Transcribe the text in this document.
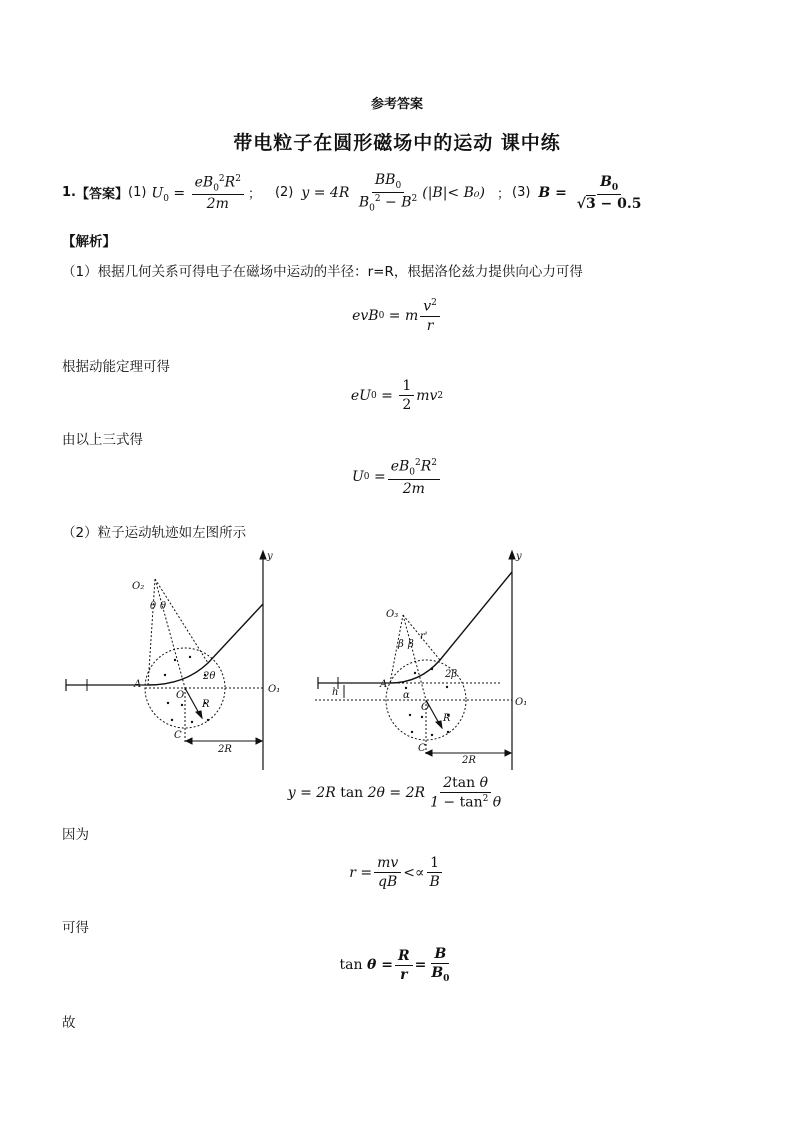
参考答案
带电粒子在圆形磁场中的运动 课中练
1. 【答案】 (1) $U_0 = \frac{eB_0^2R^2}{2m}$ ； (2) $y = 4R \frac{BB_0}{B_0^2 - B^2} (|B|< B_0)$ ； (3) $B = \frac{B_0}{√3 - 0.5}$
【解析】
（1）根据几何关系可得电子在磁场中运动的半径：r=R，根据洛伦兹力提供向心力可得
evB 0 = m $\frac{v^2}{r}$
根据动能定理可得
eU $0 = \frac{1}{2}$ mv 2
由以上三式得
U $0 = \frac{eB_0^2R^2}{2m}$
（2）粒子运动轨迹如左图所示
y
O₂
θ θ
A
2θ
O
R
C
2R
O₁
y
O₃
r'
β β
2β
h
A
α
O
R
C
2R
O₁
y = 2R $\tan 2\theta = 2R \frac{\text{2tan θ}}{1 - \tan^2 \theta}$
因为
$r = \frac{mv}{qB} <\propto \frac{1}{B}$
可得
$\tan \theta = \frac{R}{r} = \frac{B}{B_0}$
故
